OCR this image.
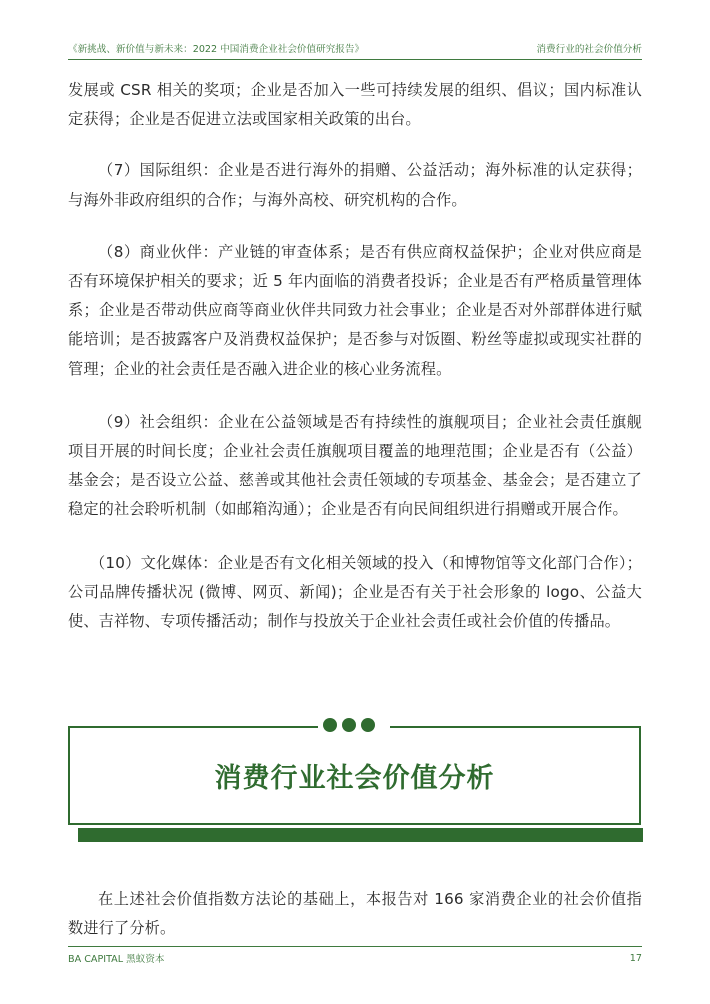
《新挑战、新价值与新未来：2022 中国消费企业社会价值研究报告》	消费行业的社会价值分析

发展或 CSR 相关的奖项；企业是否加入一些可持续发展的组织、倡议；国内标准认定获得；企业是否促进立法或国家相关政策的出台。

（7）国际组织：企业是否进行海外的捐赠、公益活动；海外标准的认定获得；与海外非政府组织的合作；与海外高校、研究机构的合作。

（8）商业伙伴：产业链的审查体系；是否有供应商权益保护；企业对供应商是否有环境保护相关的要求；近 5 年内面临的消费者投诉；企业是否有严格质量管理体系；企业是否带动供应商等商业伙伴共同致力社会事业；企业是否对外部群体进行赋能培训；是否披露客户及消费权益保护；是否参与对饭圈、粉丝等虚拟或现实社群的管理；企业的社会责任是否融入进企业的核心业务流程。

（9）社会组织：企业在公益领域是否有持续性的旗舰项目；企业社会责任旗舰项目开展的时间长度；企业社会责任旗舰项目覆盖的地理范围；企业是否有（公益）基金会；是否设立公益、慈善或其他社会责任领域的专项基金、基金会；是否建立了稳定的社会聆听机制（如邮箱沟通）；企业是否有向民间组织进行捐赠或开展合作。

（10）文化媒体：企业是否有文化相关领域的投入（和博物馆等文化部门合作）；公司品牌传播状况 (微博、网页、新闻)；企业是否有关于社会形象的 logo、公益大使、吉祥物、专项传播活动；制作与投放关于企业社会责任或社会价值的传播品。

消费行业社会价值分析

在上述社会价值指数方法论的基础上，本报告对 166 家消费企业的社会价值指数进行了分析。

BA CAPITAL 黑蚁资本	17
